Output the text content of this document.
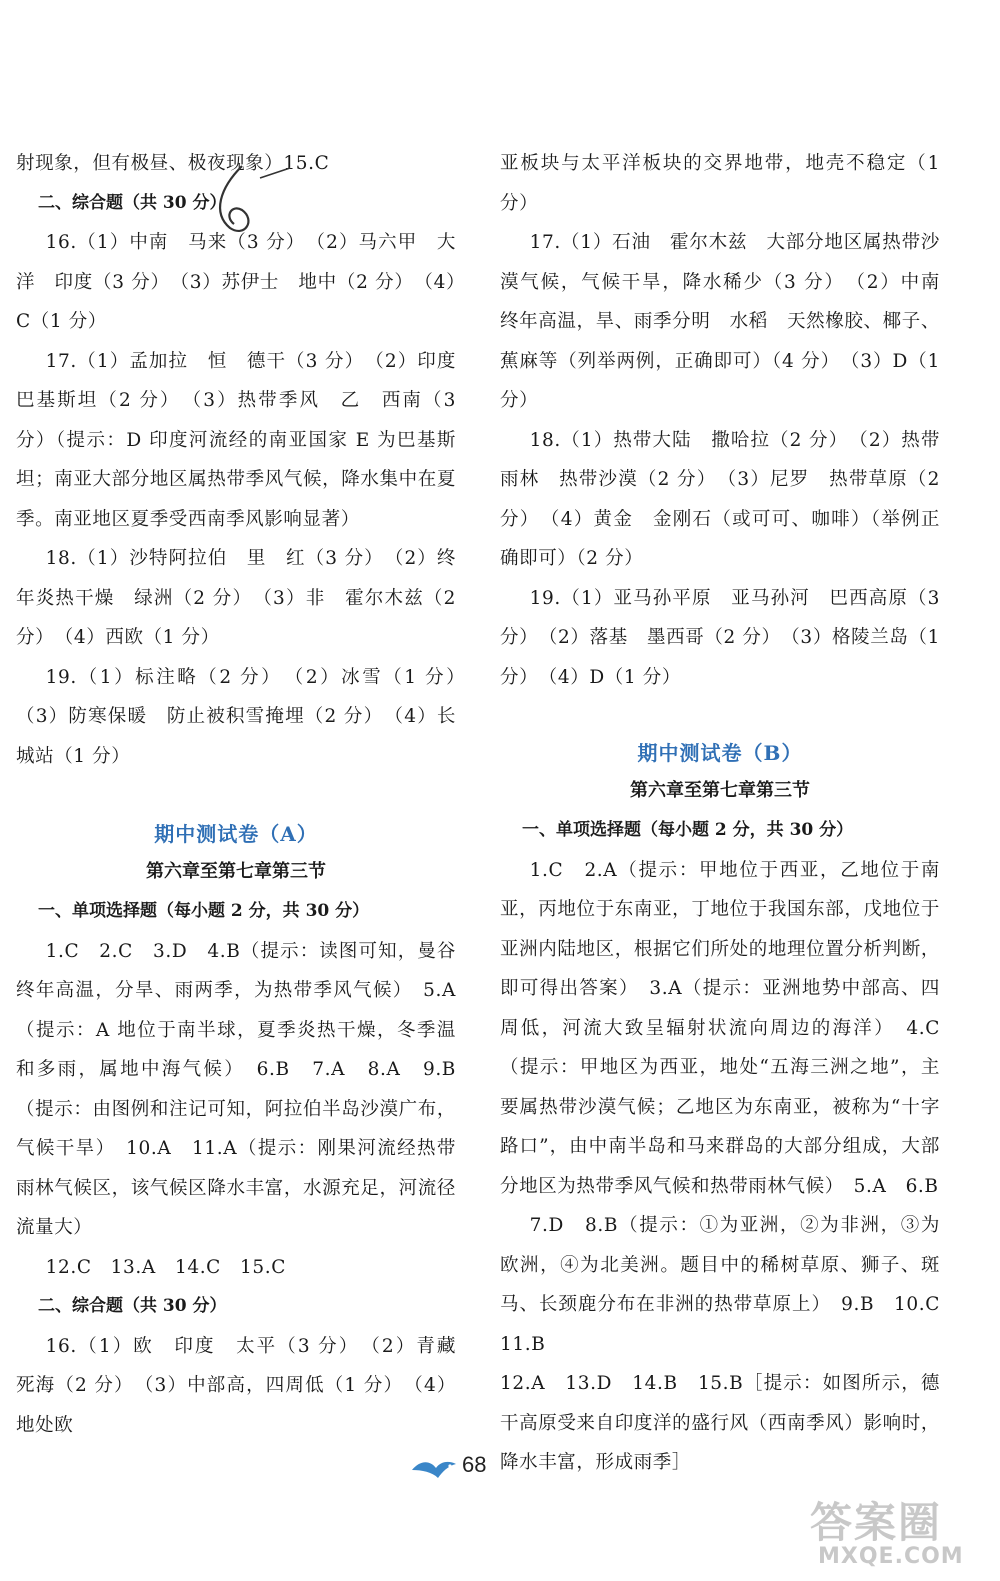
射现象，但有极昼、极夜现象）15.C

二、综合题（共 30 分）

16.（1）中南　马来（3 分）　（2）马六甲　大洋　印度（3 分）　（3）苏伊士　地中（2 分）　（4）C（1 分）

17.（1）孟加拉　恒　德干（3 分）　（2）印度　巴基斯坦（2 分）　（3）热带季风　乙　西南（3 分）（提示：D 印度河流经的南亚国家 E 为巴基斯坦；南亚大部分地区属热带季风气候，降水集中在夏季。南亚地区夏季受西南季风影响显著）

18.（1）沙特阿拉伯　里　红（3 分）　（2）终年炎热干燥　绿洲（2 分）　（3）非　霍尔木兹（2 分）　（4）西欧（1 分）

19.（1）标注略（2 分）　（2）冰雪（1 分）　（3）防寒保暖　防止被积雪掩埋（2 分）　（4）长城站（1 分）

期中测试卷（A）

第六章至第七章第三节

一、单项选择题（每小题 2 分，共 30 分）

1.C　2.C　3.D　4.B（提示：读图可知，曼谷终年高温，分旱、雨两季，为热带季风气候）　5.A（提示：A 地位于南半球，夏季炎热干燥，冬季温和多雨，属地中海气候）　6.B　7.A　8.A　9.B（提示：由图例和注记可知，阿拉伯半岛沙漠广布，气候干旱）　10.A　11.A（提示：刚果河流经热带雨林气候区，该气候区降水丰富，水源充足，河流径流量大）

12.C　13.A　14.C　15.C

二、综合题（共 30 分）

16.（1）欧　印度　太平（3 分）　（2）青藏　死海（2 分）　（3）中部高，四周低（1 分）　（4）地处欧

亚板块与太平洋板块的交界地带，地壳不稳定（1 分）

17.（1）石油　霍尔木兹　大部分地区属热带沙漠气候，气候干旱，降水稀少（3 分）　（2）中南　终年高温，旱、雨季分明　水稻　天然橡胶、椰子、蕉麻等（列举两例，正确即可）（4 分）　（3）D（1 分）

18.（1）热带大陆　撒哈拉（2 分）　（2）热带雨林　热带沙漠（2 分）　（3）尼罗　热带草原（2 分）　（4）黄金　金刚石（或可可、咖啡）（举例正确即可）（2 分）

19.（1）亚马孙平原　亚马孙河　巴西高原（3 分）　（2）落基　墨西哥（2 分）　（3）格陵兰岛（1 分）　（4）D（1 分）

期中测试卷（B）

第六章至第七章第三节

一、单项选择题（每小题 2 分，共 30 分）

1.C　2.A（提示：甲地位于西亚，乙地位于南亚，丙地位于东南亚，丁地位于我国东部，戊地位于亚洲内陆地区，根据它们所处的地理位置分析判断，即可得出答案）　3.A（提示：亚洲地势中部高、四周低，河流大致呈辐射状流向周边的海洋）　4.C（提示：甲地区为西亚，地处“五海三洲之地”，主要属热带沙漠气候；乙地区为东南亚，被称为“十字路口”，由中南半岛和马来群岛的大部分组成，大部分地区为热带季风气候和热带雨林气候）　5.A　6.B

7.D　8.B（提示：①为亚洲，②为非洲，③为欧洲，④为北美洲。题目中的稀树草原、狮子、斑马、长颈鹿分布在非洲的热带草原上）　9.B　10.C　11.B

12.A　13.D　14.B　15.B［提示：如图所示，德干高原受来自印度洋的盛行风（西南季风）影响时，降水丰富，形成雨季］

68
答案圈
MXQE.COM
